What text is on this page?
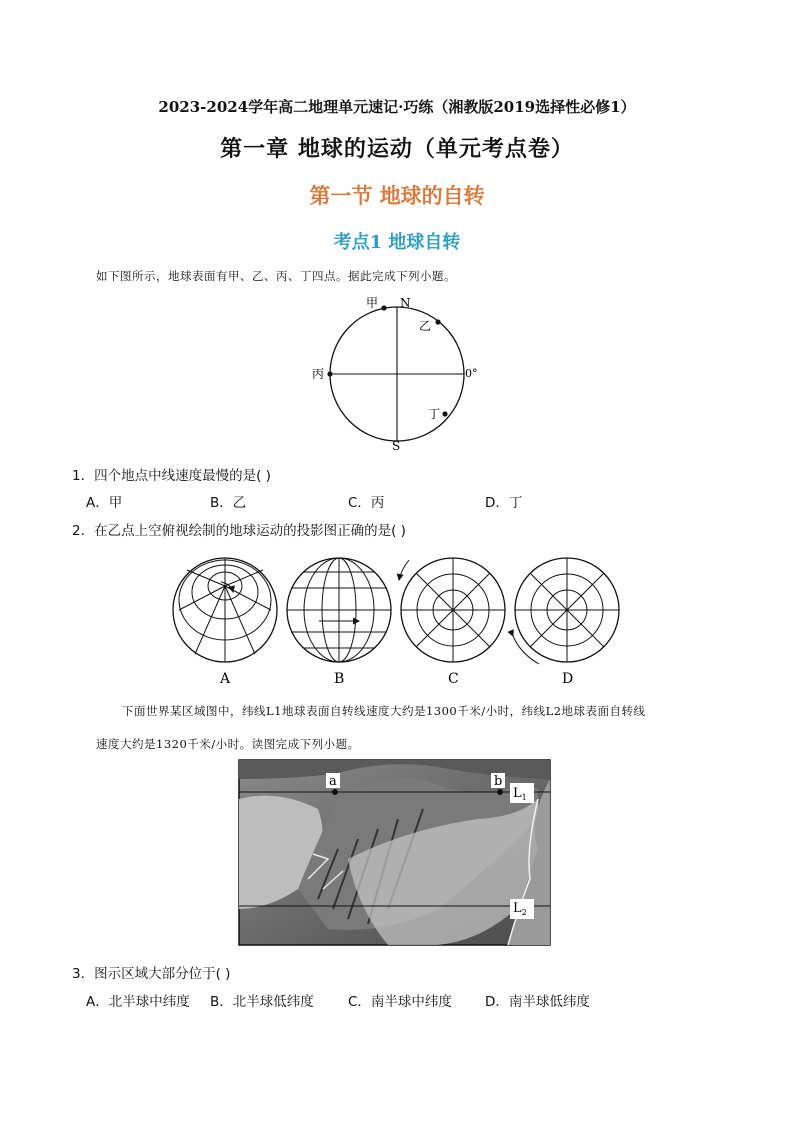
2023-2024学年高二地理单元速记·巧练（湘教版2019选择性必修1）
第一章 地球的运动（单元考点卷）
第一节 地球的自转
考点1 地球自转
如下图所示，地球表面有甲、乙、丙、丁四点。据此完成下列小题。
甲 N
乙
丙	0°
丁
S
1．四个地点中线速度最慢的是( )
A．甲	B．乙	C．丙	D．丁
2．在乙点上空俯视绘制的地球运动的投影图正确的是( )
A	B	C	D
下面世界某区域图中，纬线L1地球表面自转线速度大约是1300千米/小时，纬线L2地球表面自转线
速度大约是1320千米/小时。读图完成下列小题。
a	b
$L_1$
$L_2$
3．图示区域大部分位于( )
A．北半球中纬度 B．北半球低纬度	C．南半球中纬度 D．南半球低纬度
